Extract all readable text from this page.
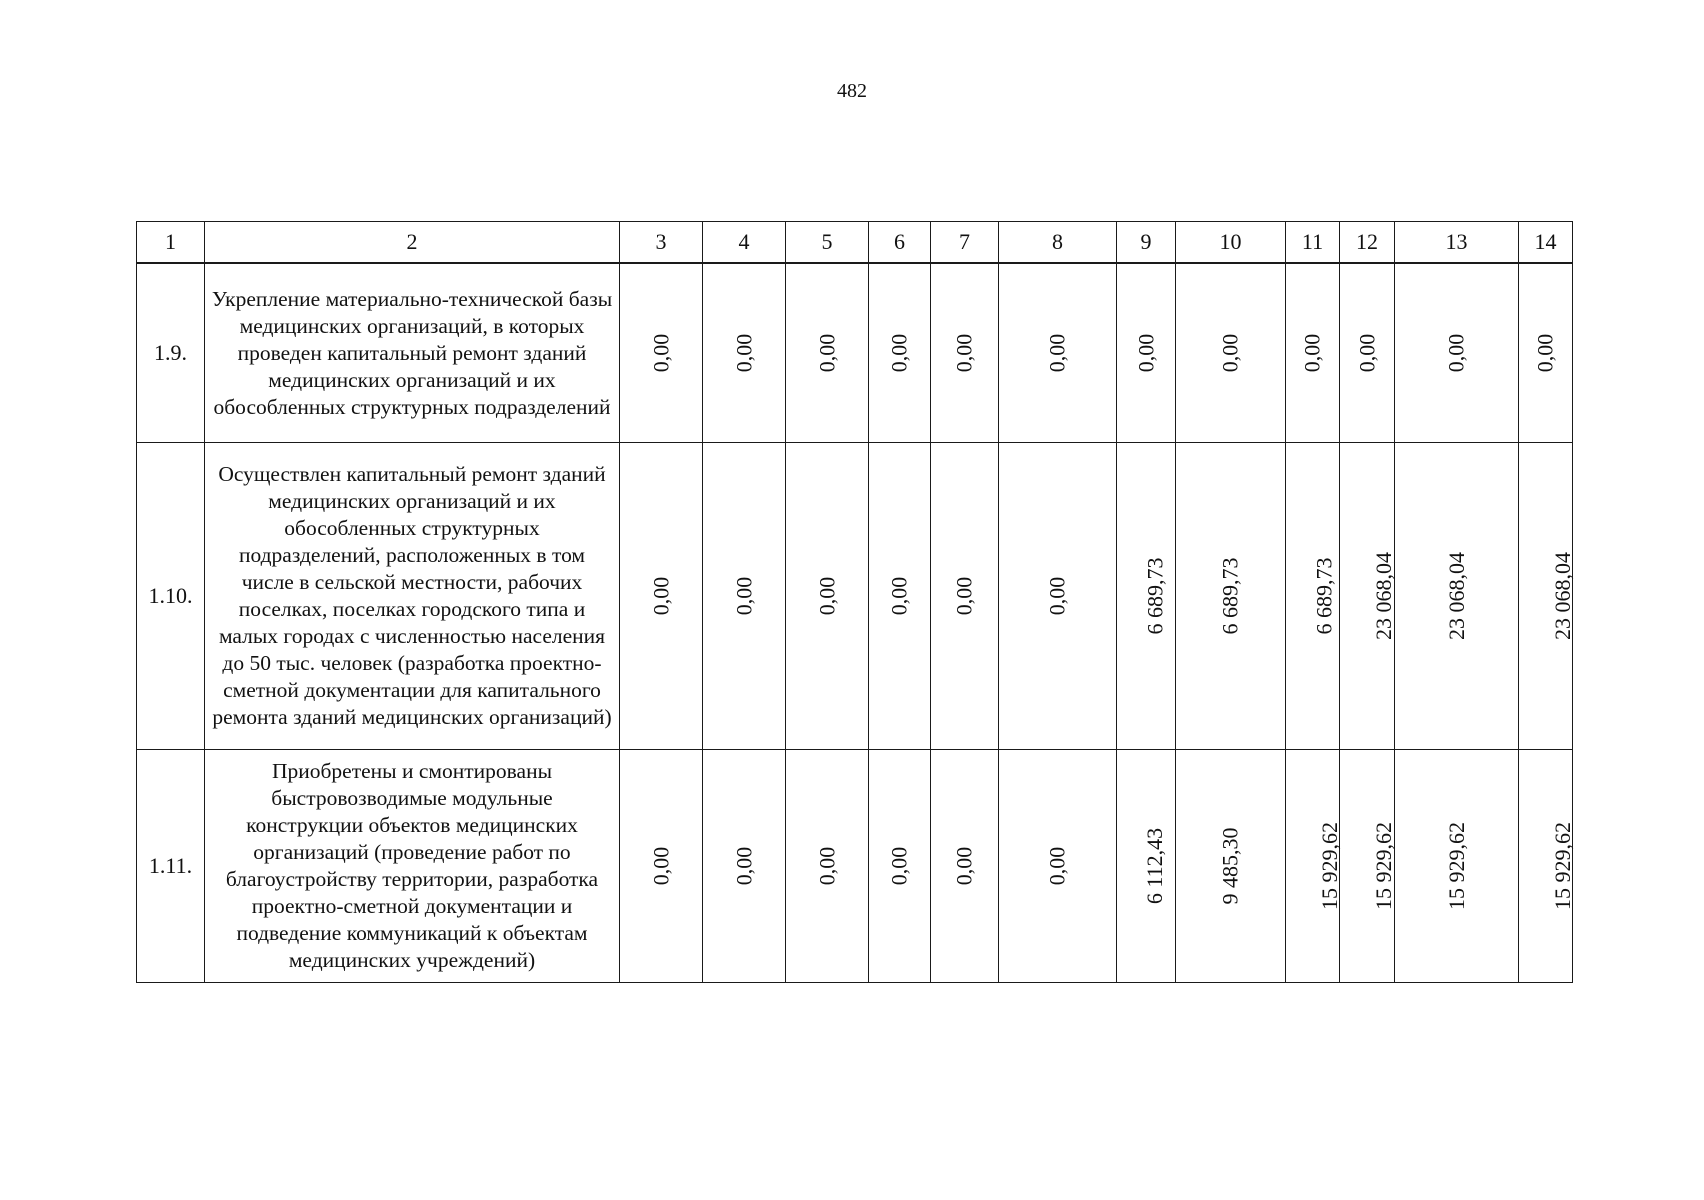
482
1	2	3	4	5	6	7	8	9	10	11	12	13	14
1.9.	Укрепление материально-технической базы медицинских организаций, в которых проведен капитальный ремонт зданий медицинских организаций и их обособленных структурных подразделений	0,00	0,00	0,00	0,00	0,00	0,00	0,00	0,00	0,00	0,00	0,00	0,00
1.10.	Осуществлен капитальный ремонт зданий медицинских организаций и их обособленных структурных подразделений, расположенных в том числе в сельской местности, рабочих поселках, поселках городского типа и малых городах с численностью населения до 50 тыс. человек (разработка проектно-сметной документации для капитального ремонта зданий медицинских организаций)	0,00	0,00	0,00	0,00	0,00	0,00	6 689,73	6 689,73	6 689,73	23 068,04	23 068,04	23 068,04
1.11.	Приобретены и смонтированы быстровозводимые модульные конструкции объектов медицинских организаций (проведение работ по благоустройству территории, разработка проектно-сметной документации и подведение коммуникаций к объектам медицинских учреждений)	0,00	0,00	0,00	0,00	0,00	0,00	6 112,43	9 485,30	15 929,62	15 929,62	15 929,62	15 929,62
